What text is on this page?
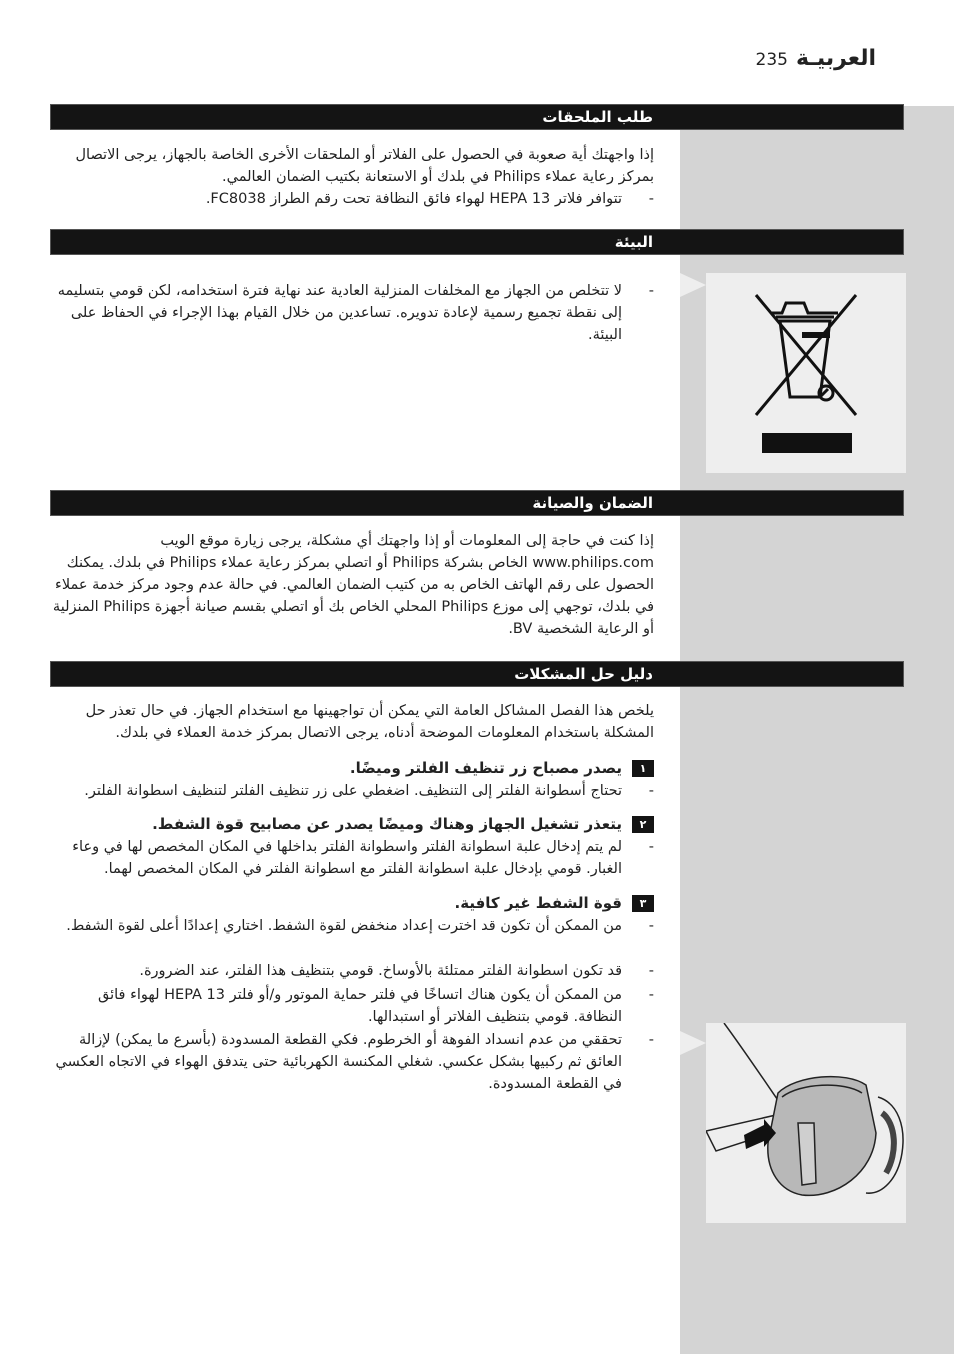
العربيـة235
طلب الملحقات
إذا واجهتك أية صعوبة في الحصول على الفلاتر أو الملحقات الأخرى الخاصة بالجهاز، يرجى الاتصال بمركز رعاية عملاء Philips في بلدك أو الاستعانة بكتيب الضمان العالمي.
-
تتوافر فلاتر HEPA 13 لهواء فائق النظافة تحت رقم الطراز FC8038.
البيئة
-
لا تتخلص من الجهاز مع المخلفات المنزلية العادية عند نهاية فترة استخدامه، لكن قومي بتسليمه إلى نقطة تجميع رسمية لإعادة تدويره. تساعدين من خلال القيام بهذا الإجراء في الحفاظ على البيئة.
الضمان والصيانة
إذا كنت في حاجة إلى المعلومات أو إذا واجهتك أي مشكلة، يرجى زيارة موقع الويب www.philips.com الخاص بشركة Philips أو اتصلي بمركز رعاية عملاء Philips في بلدك. يمكنك الحصول على رقم الهاتف الخاص به من كتيب الضمان العالمي. في حالة عدم وجود مركز خدمة عملاء في بلدك، توجهي إلى موزع Philips المحلي الخاص بك أو اتصلي بقسم صيانة أجهزة Philips المنزلية أو الرعاية الشخصية BV.
دليل حل المشكلات
يلخص هذا الفصل المشاكل العامة التي يمكن أن تواجهينها مع استخدام الجهاز. في حال تعذر حل المشكلة باستخدام المعلومات الموضحة أدناه، يرجى الاتصال بمركز خدمة العملاء في بلدك.
١يصدر مصباح زر تنظيف الفلتر وميضًا.
-
تحتاج أسطوانة الفلتر إلى التنظيف. اضغطي على زر تنظيف الفلتر لتنظيف اسطوانة الفلتر.
٢يتعذر تشغيل الجهاز وهناك وميضًا يصدر عن مصابيح قوة الشفط.
-
لم يتم إدخال علبة اسطوانة الفلتر واسطوانة الفلتر بداخلها في المكان المخصص لها في وعاء الغبار. قومي بإدخال علبة اسطوانة الفلتر مع اسطوانة الفلتر في المكان المخصص لهما.
٣قوة الشفط غير كافية.
-
من الممكن أن تكون قد اخترت إعداد منخفض لقوة الشفط. اختاري إعدادًا أعلى لقوة الشفط.
-
قد تكون اسطوانة الفلتر ممتلئة بالأوساخ. قومي بتنظيف هذا الفلتر، عند الضرورة.
-
من الممكن أن يكون هناك اتساخًا في فلتر حماية الموتور و/أو فلتر HEPA 13 لهواء فائق النظافة. قومي بتنظيف الفلاتر أو استبدالها.
-
تحققي من عدم انسداد الفوهة أو الخرطوم. فكي القطعة المسدودة (بأسرع ما يمكن) لإزالة العائق ثم ركبيها بشكل عكسي. شغلي المكنسة الكهربائية حتى يتدفق الهواء في الاتجاه العكسي في القطعة المسدودة.
